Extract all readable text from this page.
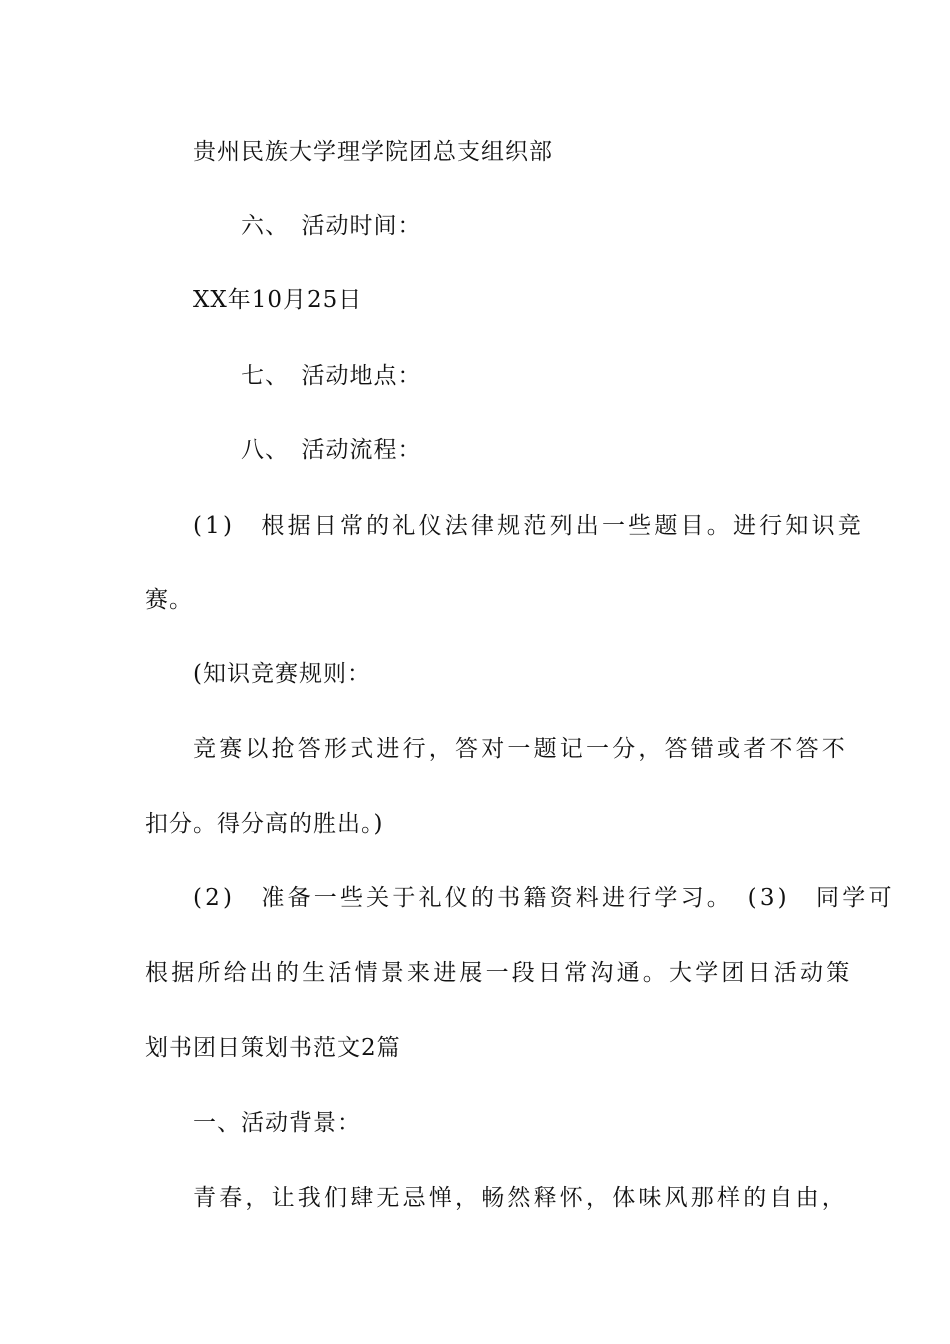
贵州民族大学理学院团总支组织部
六、　活动时间：
XX年10月25日
七、　活动地点：
八、　活动流程：
(1)　根据日常的礼仪法律规范列出一些题目。进行知识竞
赛。
(知识竞赛规则：
竞赛以抢答形式进行，答对一题记一分，答错或者不答不
扣分。得分高的胜出。)
(2)　准备一些关于礼仪的书籍资料进行学习。　(3)　同学可
根据所给出的生活情景来进展一段日常沟通。大学团日活动策
划书团日策划书范文2篇
一、活动背景：
青春，让我们肆无忌惮，畅然释怀，体味风那样的自由，
